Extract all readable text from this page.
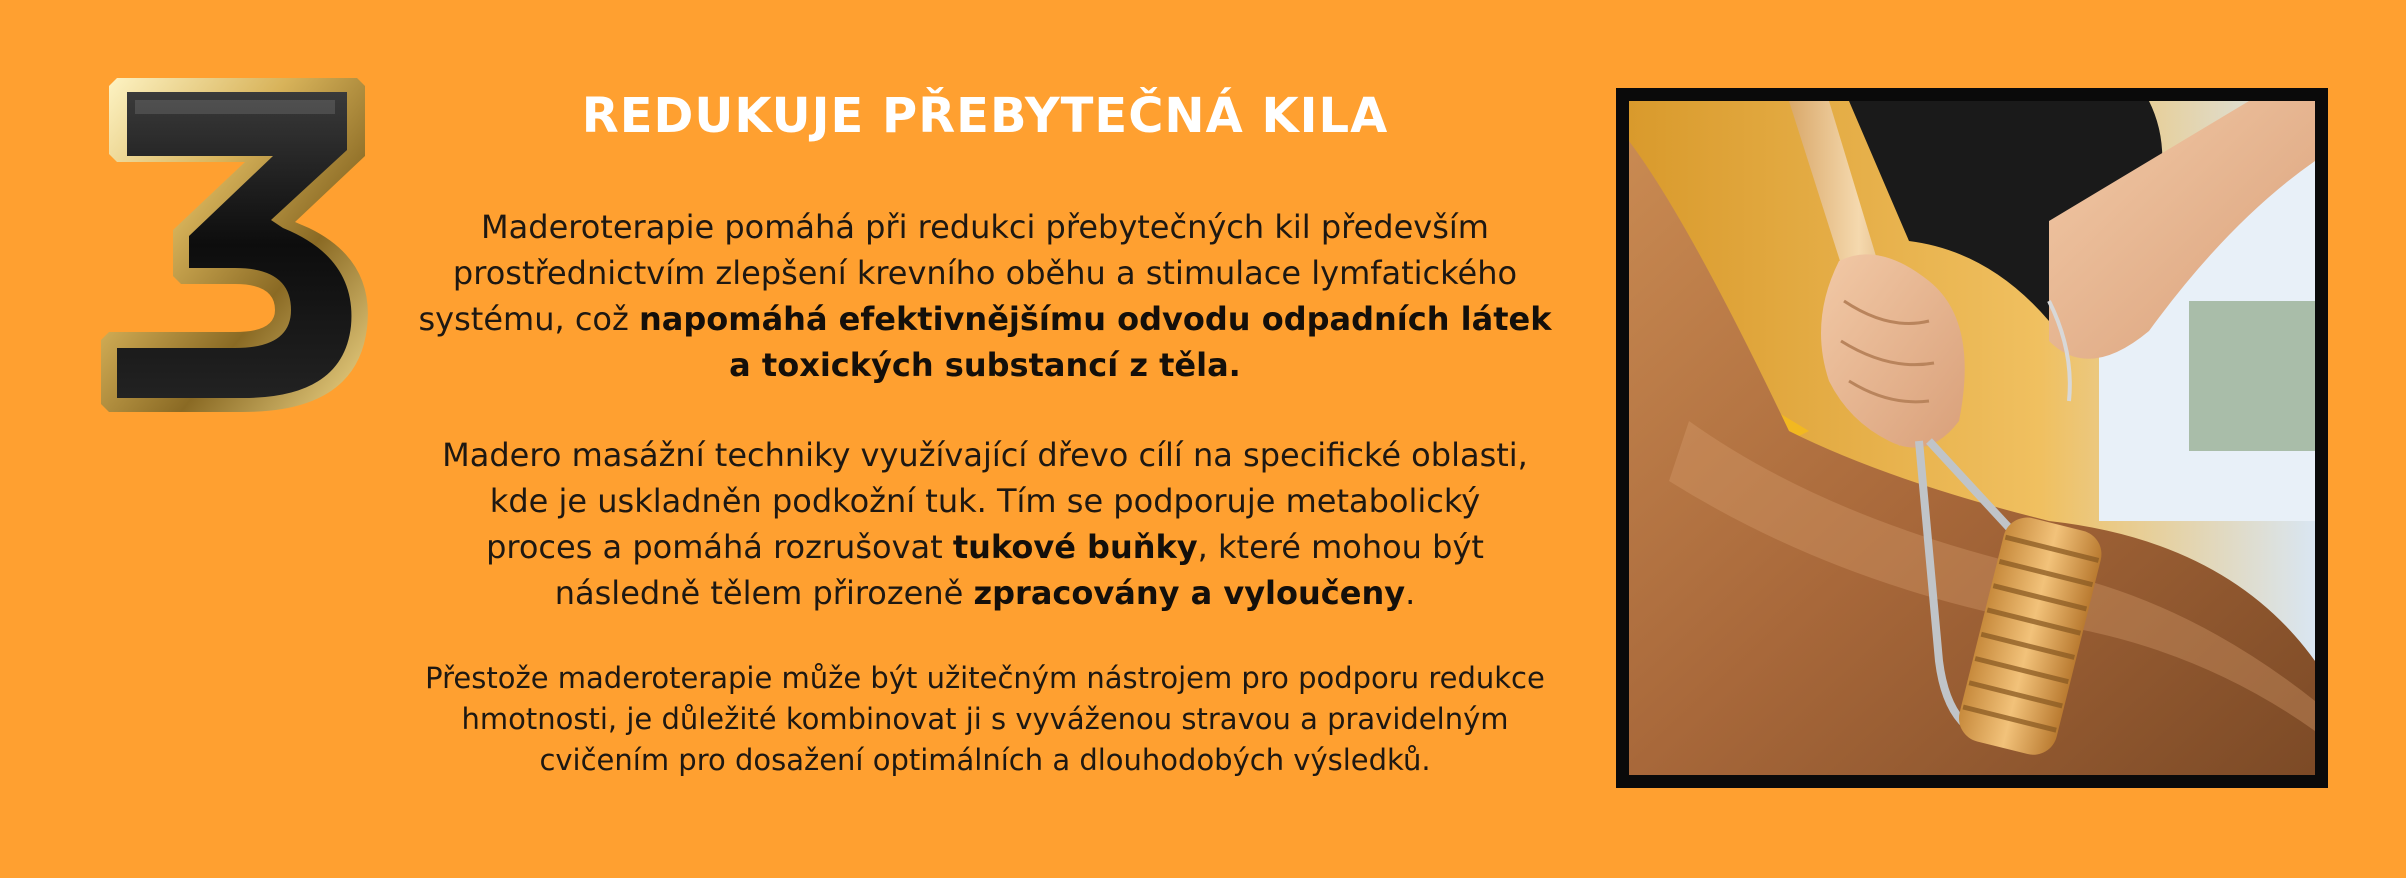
REDUKUJE PŘEBYTEČNÁ KILA

Maderoterapie pomáhá při redukci přebytečných kil především
prostřednictvím zlepšení krevního oběhu a stimulace lymfatického
systému, což napomáhá efektivnějšímu odvodu odpadních látek
a toxických substancí z těla.

Madero masážní techniky využívající dřevo cílí na specifické oblasti,
kde je uskladněn podkožní tuk. Tím se podporuje metabolický
proces a pomáhá rozrušovat tukové buňky, které mohou být
následně tělem přirozeně zpracovány a vyloučeny.

Přestože maderoterapie může být užitečným nástrojem pro podporu redukce
hmotnosti, je důležité kombinovat ji s vyváženou stravou a pravidelným
cvičením pro dosažení optimálních a dlouhodobých výsledků.
